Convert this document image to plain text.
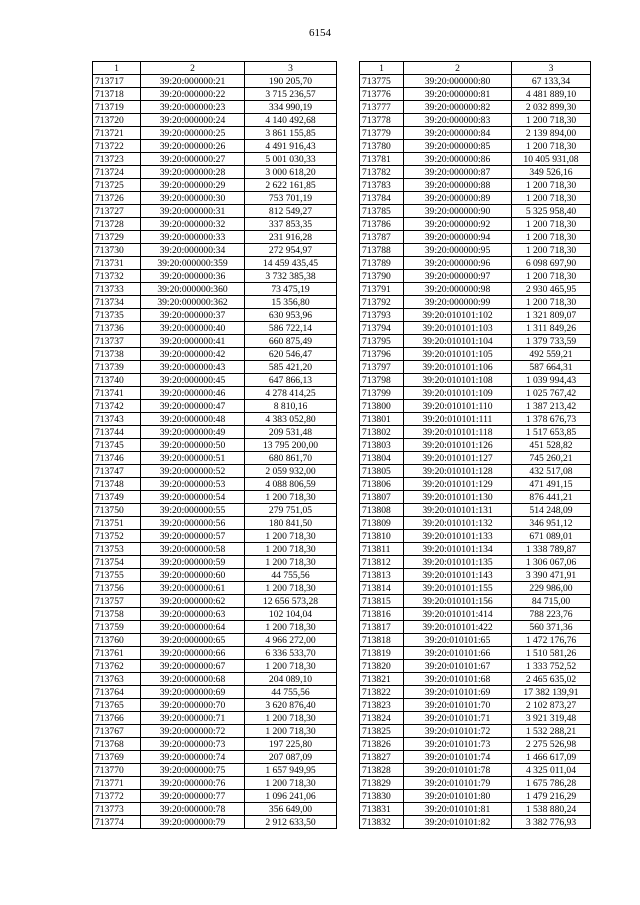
6154
1	2	3
713717	39:20:000000:21	190 205,70
713718	39:20:000000:22	3 715 236,57
713719	39:20:000000:23	334 990,19
713720	39:20:000000:24	4 140 492,68
713721	39:20:000000:25	3 861 155,85
713722	39:20:000000:26	4 491 916,43
713723	39:20:000000:27	5 001 030,33
713724	39:20:000000:28	3 000 618,20
713725	39:20:000000:29	2 622 161,85
713726	39:20:000000:30	753 701,19
713727	39:20:000000:31	812 549,27
713728	39:20:000000:32	337 853,35
713729	39:20:000000:33	231 916,28
713730	39:20:000000:34	272 954,97
713731	39:20:000000:359	14 459 435,45
713732	39:20:000000:36	3 732 385,38
713733	39:20:000000:360	73 475,19
713734	39:20:000000:362	15 356,80
713735	39:20:000000:37	630 953,96
713736	39:20:000000:40	586 722,14
713737	39:20:000000:41	660 875,49
713738	39:20:000000:42	620 546,47
713739	39:20:000000:43	585 421,20
713740	39:20:000000:45	647 866,13
713741	39:20:000000:46	4 278 414,25
713742	39:20:000000:47	8 810,16
713743	39:20:000000:48	4 383 052,80
713744	39:20:000000:49	209 531,48
713745	39:20:000000:50	13 795 200,00
713746	39:20:000000:51	680 861,70
713747	39:20:000000:52	2 059 932,00
713748	39:20:000000:53	4 088 806,59
713749	39:20:000000:54	1 200 718,30
713750	39:20:000000:55	279 751,05
713751	39:20:000000:56	180 841,50
713752	39:20:000000:57	1 200 718,30
713753	39:20:000000:58	1 200 718,30
713754	39:20:000000:59	1 200 718,30
713755	39:20:000000:60	44 755,56
713756	39:20:000000:61	1 200 718,30
713757	39:20:000000:62	12 656 573,28
713758	39:20:000000:63	102 104,04
713759	39:20:000000:64	1 200 718,30
713760	39:20:000000:65	4 966 272,00
713761	39:20:000000:66	6 336 533,70
713762	39:20:000000:67	1 200 718,30
713763	39:20:000000:68	204 089,10
713764	39:20:000000:69	44 755,56
713765	39:20:000000:70	3 620 876,40
713766	39:20:000000:71	1 200 718,30
713767	39:20:000000:72	1 200 718,30
713768	39:20:000000:73	197 225,80
713769	39:20:000000:74	207 087,09
713770	39:20:000000:75	1 657 949,95
713771	39:20:000000:76	1 200 718,30
713772	39:20:000000:77	1 096 241,06
713773	39:20:000000:78	356 649,00
713774	39:20:000000:79	2 912 633,50
1	2	3
713775	39:20:000000:80	67 133,34
713776	39:20:000000:81	4 481 889,10
713777	39:20:000000:82	2 032 899,30
713778	39:20:000000:83	1 200 718,30
713779	39:20:000000:84	2 139 894,00
713780	39:20:000000:85	1 200 718,30
713781	39:20:000000:86	10 405 931,08
713782	39:20:000000:87	349 526,16
713783	39:20:000000:88	1 200 718,30
713784	39:20:000000:89	1 200 718,30
713785	39:20:000000:90	5 325 958,40
713786	39:20:000000:92	1 200 718,30
713787	39:20:000000:94	1 200 718,30
713788	39:20:000000:95	1 200 718,30
713789	39:20:000000:96	6 098 697,90
713790	39:20:000000:97	1 200 718,30
713791	39:20:000000:98	2 930 465,95
713792	39:20:000000:99	1 200 718,30
713793	39:20:010101:102	1 321 809,07
713794	39:20:010101:103	1 311 849,26
713795	39:20:010101:104	1 379 733,59
713796	39:20:010101:105	492 559,21
713797	39:20:010101:106	587 664,31
713798	39:20:010101:108	1 039 994,43
713799	39:20:010101:109	1 025 767,42
713800	39:20:010101:110	1 387 213,42
713801	39:20:010101:111	1 378 676,73
713802	39:20:010101:118	1 517 653,85
713803	39:20:010101:126	451 528,82
713804	39:20:010101:127	745 260,21
713805	39:20:010101:128	432 517,08
713806	39:20:010101:129	471 491,15
713807	39:20:010101:130	876 441,21
713808	39:20:010101:131	514 248,09
713809	39:20:010101:132	346 951,12
713810	39:20:010101:133	671 089,01
713811	39:20:010101:134	1 338 789,87
713812	39:20:010101:135	1 306 067,06
713813	39:20:010101:143	3 390 471,91
713814	39:20:010101:155	229 986,00
713815	39:20:010101:156	84 715,00
713816	39:20:010101:414	788 223,76
713817	39:20:010101:422	560 371,36
713818	39:20:010101:65	1 472 176,76
713819	39:20:010101:66	1 510 581,26
713820	39:20:010101:67	1 333 752,52
713821	39:20:010101:68	2 465 635,02
713822	39:20:010101:69	17 382 139,91
713823	39:20:010101:70	2 102 873,27
713824	39:20:010101:71	3 921 319,48
713825	39:20:010101:72	1 532 288,21
713826	39:20:010101:73	2 275 526,98
713827	39:20:010101:74	1 466 617,09
713828	39:20:010101:78	4 325 011,04
713829	39:20:010101:79	1 675 786,28
713830	39:20:010101:80	1 479 216,29
713831	39:20:010101:81	1 538 880,24
713832	39:20:010101:82	3 382 776,93
